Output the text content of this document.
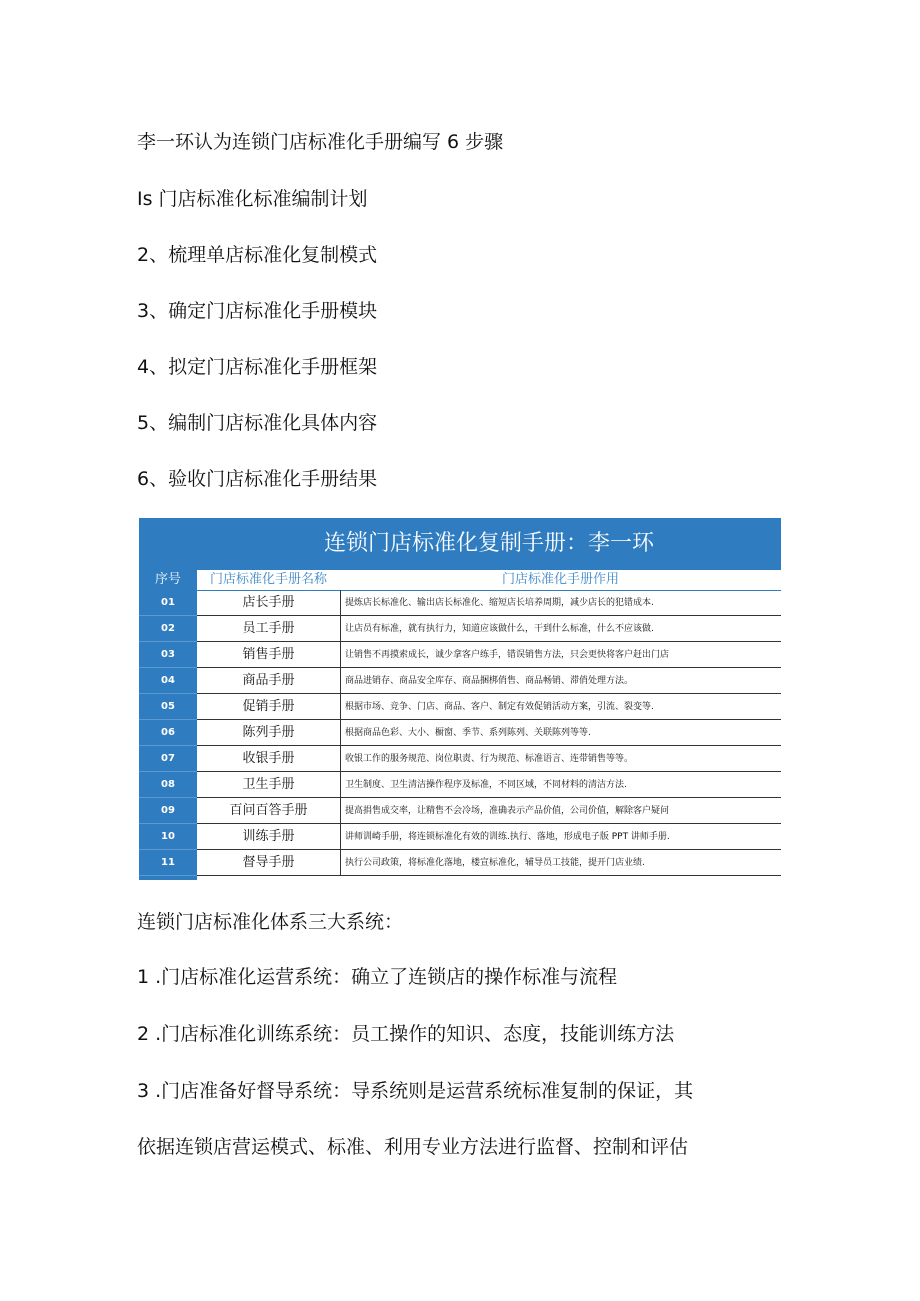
李一环认为连锁门店标准化手册编写 6 步骤
Is 门店标准化标准编制计划
2、梳理单店标准化复制模式
3、确定门店标准化手册模块
4、拟定门店标准化手册框架
5、编制门店标准化具体内容
6、验收门店标准化手册结果
连锁门店标准化复制手册：李一环
序号	门店标准化手册名称	门店标准化手册作用
01	店长手册	提炼店长标准化、输出店长标准化、缩短店长培养周期，减少店长的犯错成本.
02	员工手册	让店员有标准，就有执行力，知道应该做什么，干到什么标准，什么不应该做.
03	销售手册	让销售不再摸索成长，诚少拿客户练手，错误销售方法，只会更快将客户赶出门店
04	商品手册	商品进销存、商品安全库存、商品捆梆俏售、商品畅销、滞俏处理方法。
05	促销手册	根据市场、竞争、门店、商品、客户、制定有效促销活动方案，引流、裂变等.
06	陈列手册	根据商品色彩、大小、橱窗、季节、系列陈列、关联陈列等等.
07	收银手册	收银工作的服务规范、岗位职责、行为规范、标准语言、连带销售等等。
08	卫生手册	卫生制度、卫生清洁操作程序及标准，不同区域，不同材料的清洁方法.
09	百问百答手册	提高捐售成交率，让精售不会冷场，准确表示产品价值，公司价值，解除客户疑问
10	训练手册	讲师训崎手册，将连锁标准化有效的训练.执行、落地，形成电子版 PPT 讲师手册.
11	督导手册	执行公司政策，将标准化落地，楼宣标准化，辅导员工技能，提开门店业绩.
连锁门店标准化体系三大系统：
1 .门店标准化运营系统：确立了连锁店的操作标准与流程
2 .门店标准化训练系统：员工操作的知识、态度，技能训练方法
3 .门店准备好督导系统：导系统则是运营系统标准复制的保证，其
依据连锁店营运模式、标准、利用专业方法进行监督、控制和评估
